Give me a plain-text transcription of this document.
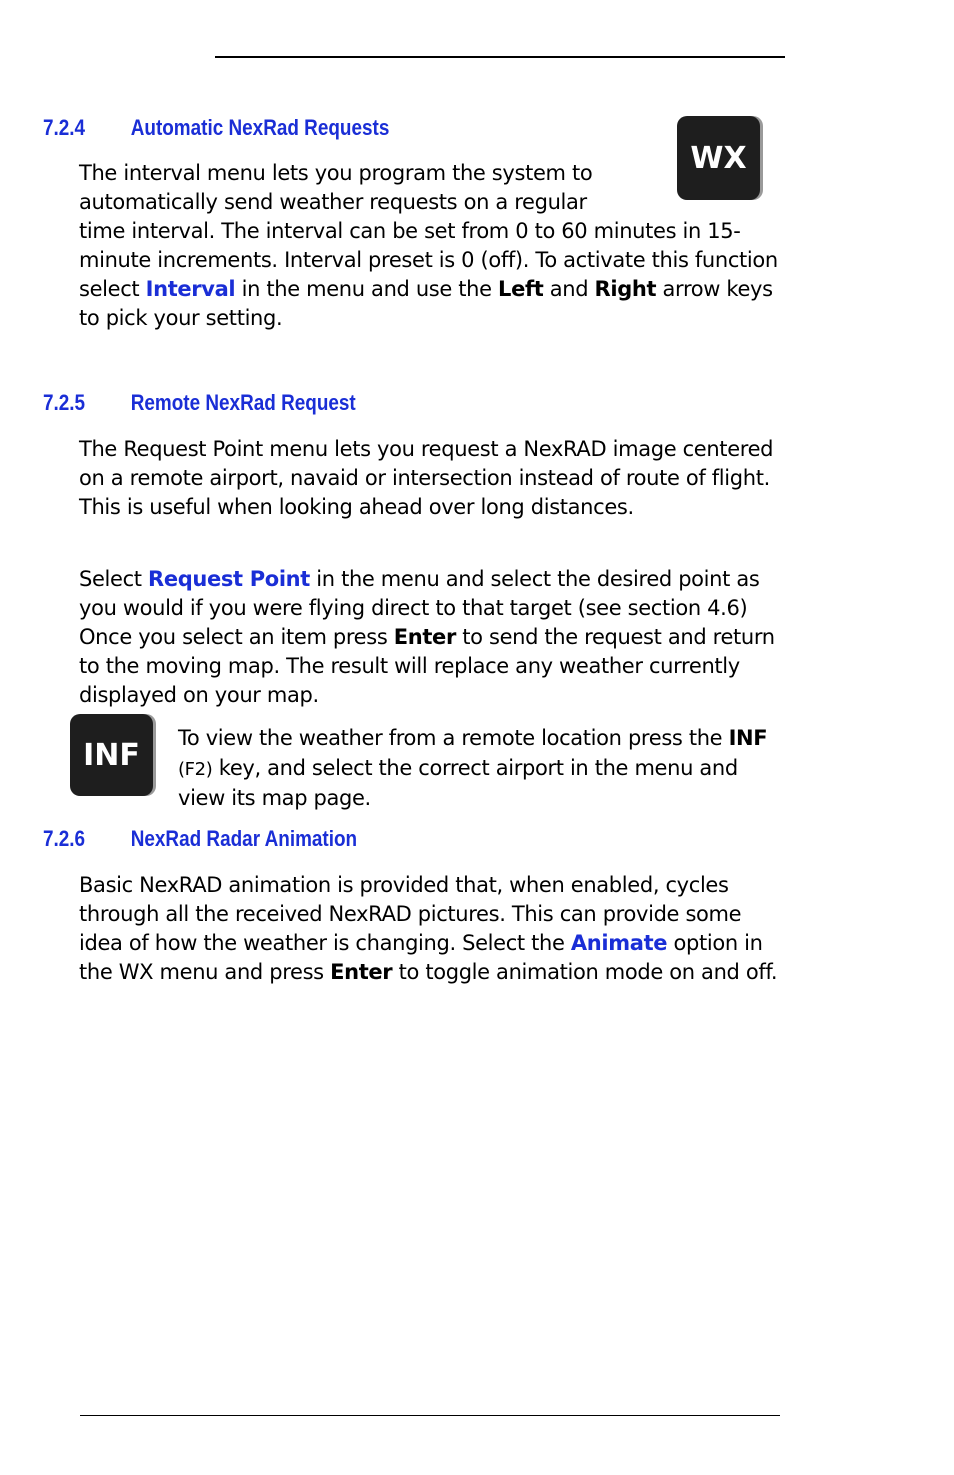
7.2.4 Automatic NexRad Requests
WX
The interval menu lets you program the system to
automatically send weather requests on a regular
time interval. The interval can be set from 0 to 60 minutes in 15-minute increments. Interval preset is 0 (off). To activate this function select Interval in the menu and use the Left and Right arrow keys to pick your setting.
7.2.5 Remote NexRad Request

The Request Point menu lets you request a NexRAD image centered on a remote airport, navaid or intersection instead of route of flight. This is useful when looking ahead over long distances.

Select Request Point in the menu and select the desired point as you would if you were flying direct to that target (see section 4.6) Once you select an item press Enter to send the request and return to the moving map. The result will replace any weather currently displayed on your map.

INF To view the weather from a remote location press the INF (F2) key, and select the correct airport in the menu and view its map page.

7.2.6 NexRad Radar Animation

Basic NexRAD animation is provided that, when enabled, cycles through all the received NexRAD pictures. This can provide some idea of how the weather is changing. Select the Animate option in the WX menu and press Enter to toggle animation mode on and off.
